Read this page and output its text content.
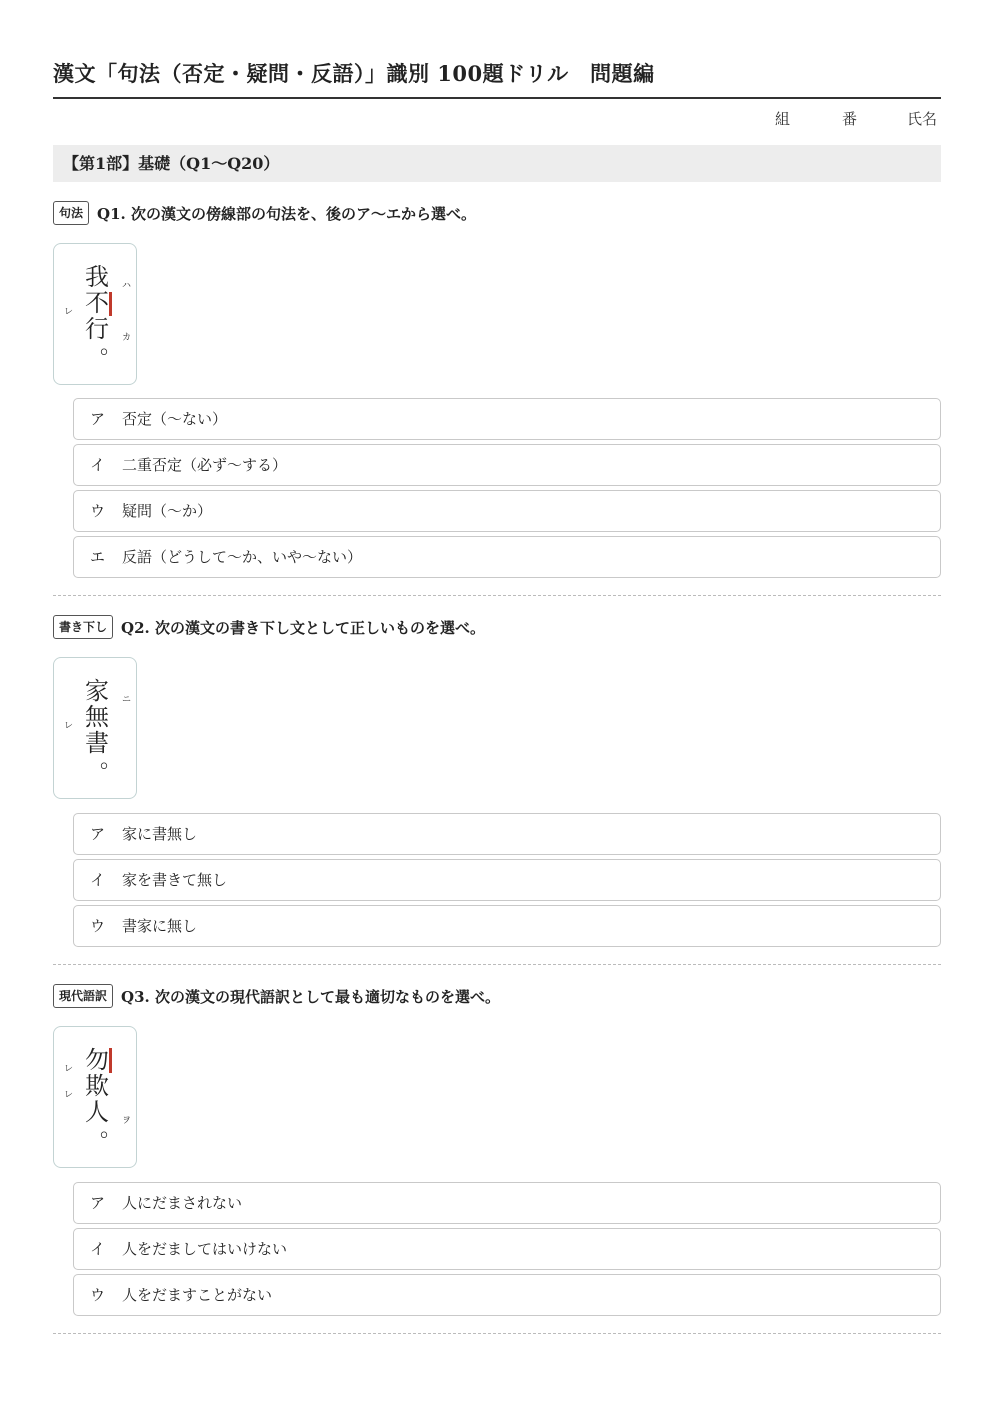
漢文「句法（否定・疑問・反語）」識別 100題ドリル　問題編
組	番	氏名
【第1部】基礎（Q1〜Q20）
句法 Q1. 次の漢文の傍線部の句法を、後のア〜エから選べ。
我
不
行
。
ハ
カ
レ
ア 否定（〜ない）
イ 二重否定（必ず〜する）
ウ 疑問（〜か）
エ 反語（どうして〜か、いや〜ない）
書き下し Q2. 次の漢文の書き下し文として正しいものを選べ。
家
無
書
。
ニ
レ
ア 家に書無し
イ 家を書きて無し
ウ 書家に無し
現代語訳 Q3. 次の漢文の現代語訳として最も適切なものを選べ。
勿
欺
人
。 ヲ
レ
レ
ア 人にだまされない
イ 人をだましてはいけない
ウ 人をだますことがない
